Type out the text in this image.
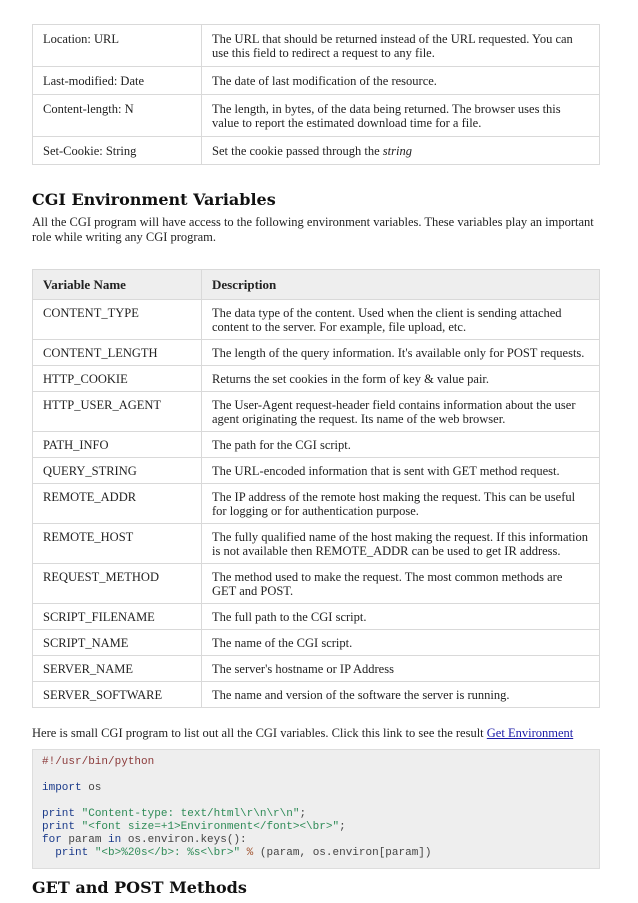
Location: URL	The URL that should be returned instead of the URL requested. You can use this field to redirect a request to any file.
Last-modified: Date	The date of last modification of the resource.
Content-length: N	The length, in bytes, of the data being returned. The browser uses this value to report the estimated download time for a file.
Set-Cookie: String	Set the cookie passed through the string
CGI Environment Variables

All the CGI program will have access to the following environment variables. These variables play an important role while writing any CGI program.

Variable Name	Description
CONTENT_TYPE	The data type of the content. Used when the client is sending attached content to the server. For example, file upload, etc.
CONTENT_LENGTH	The length of the query information. It's available only for POST requests.
HTTP_COOKIE	Returns the set cookies in the form of key & value pair.
HTTP_USER_AGENT	The User-Agent request-header field contains information about the user agent originating the request. Its name of the web browser.
PATH_INFO	The path for the CGI script.
QUERY_STRING	The URL-encoded information that is sent with GET method request.
REMOTE_ADDR	The IP address of the remote host making the request. This can be useful for logging or for authentication purpose.
REMOTE_HOST	The fully qualified name of the host making the request. If this information is not available then REMOTE_ADDR can be used to get IR address.
REQUEST_METHOD	The method used to make the request. The most common methods are GET and POST.
SCRIPT_FILENAME	The full path to the CGI script.
SCRIPT_NAME	The name of the CGI script.
SERVER_NAME	The server's hostname or IP Address
SERVER_SOFTWARE	The name and version of the software the server is running.

Here is small CGI program to list out all the CGI variables. Click this link to see the result Get Environment

#!/usr/bin/python

import os

print "Content-type: text/html\r\n\r\n";
print "<font size=+1>Environment</font><\br>";
for param in os.environ.keys():
print "<b>%20s</b>: %s<\br>" % (param, os.environ[param])
GET and POST Methods
